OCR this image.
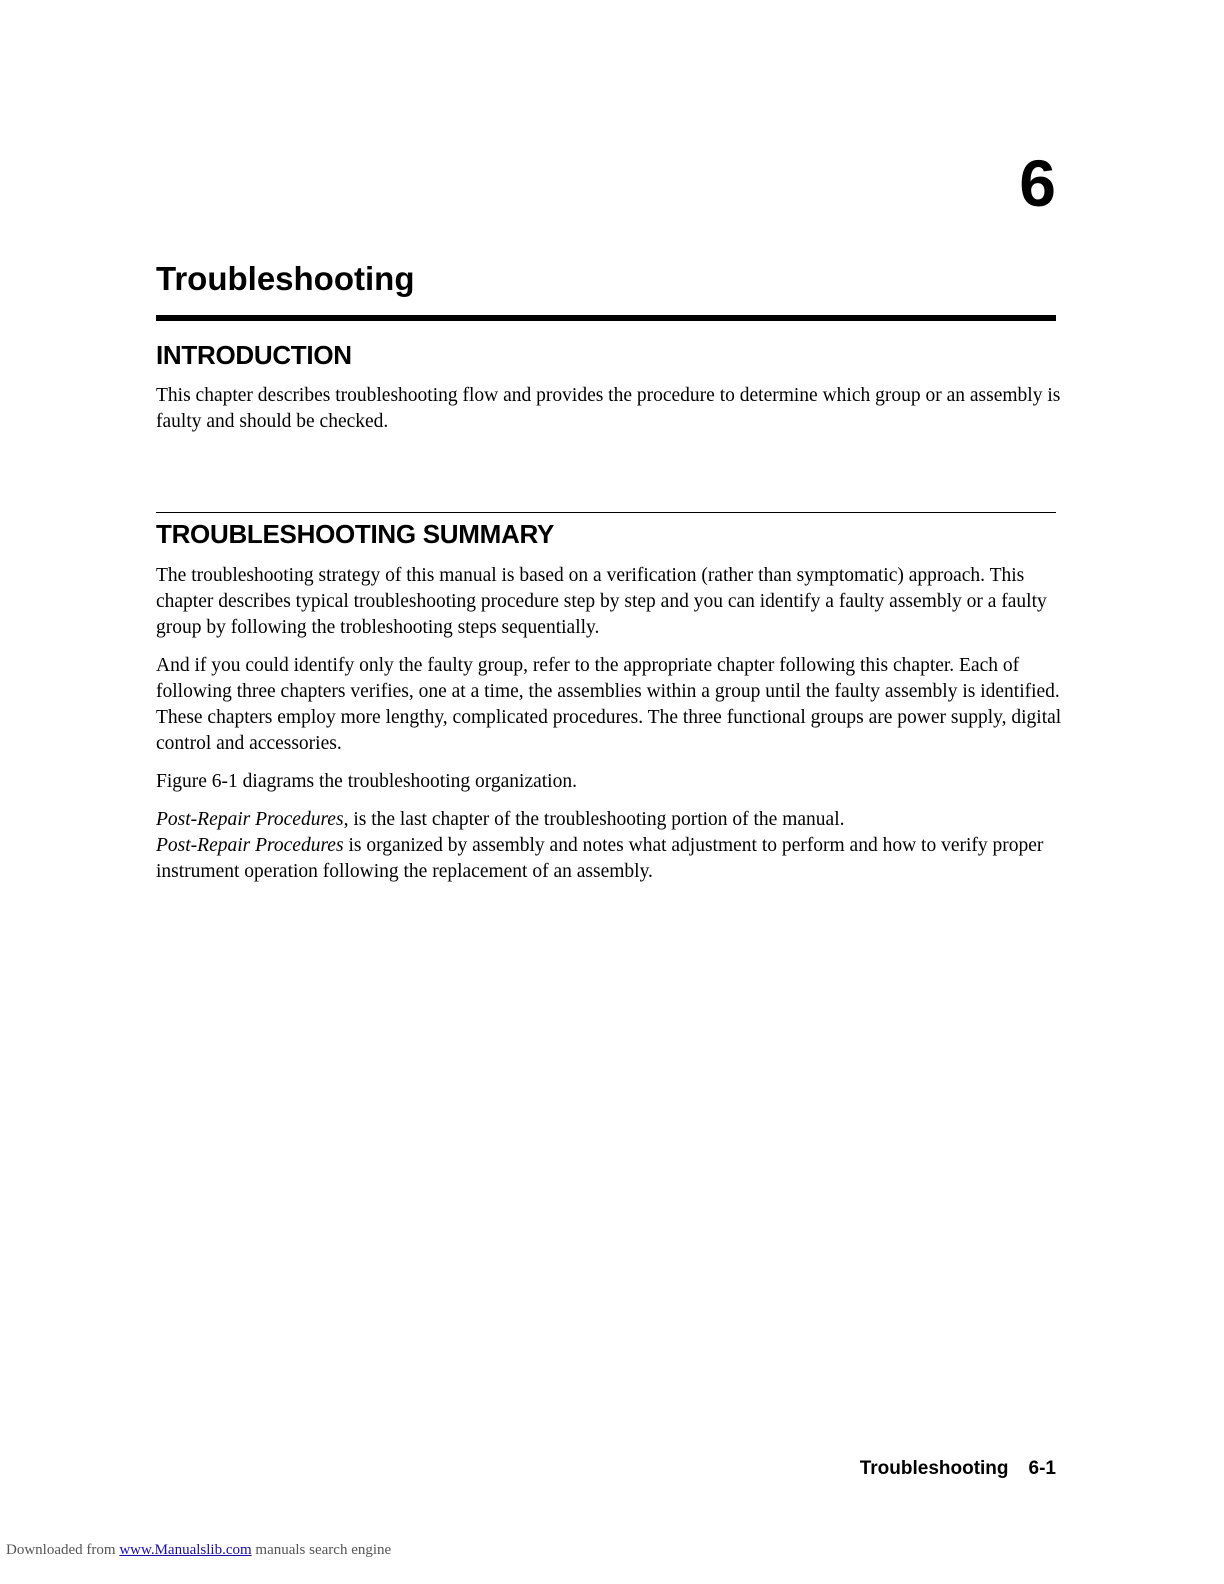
6
Troubleshooting
INTRODUCTION

This chapter describes troubleshooting flow and provides the procedure to determine which group or an assembly is faulty and should be checked.

TROUBLESHOOTING SUMMARY

The troubleshooting strategy of this manual is based on a verification (rather than symptomatic) approach. This chapter describes typical troubleshooting procedure step by step and you can identify a faulty assembly or a faulty group by following the trobleshooting steps sequentially.

And if you could identify only the faulty group, refer to the appropriate chapter following this chapter. Each of following three chapters verifies, one at a time, the assemblies within a group until the faulty assembly is identified. These chapters employ more lengthy, complicated procedures. The three functional groups are power supply, digital control and accessories.

Figure 6-1 diagrams the troubleshooting organization.

Post-Repair Procedures, is the last chapter of the troubleshooting portion of the manual.
Post-Repair Procedures is organized by assembly and notes what adjustment to perform and how to verify proper instrument operation following the replacement of an assembly.

Troubleshooting 6-1
Downloaded from www.Manualslib.com manuals search engine
